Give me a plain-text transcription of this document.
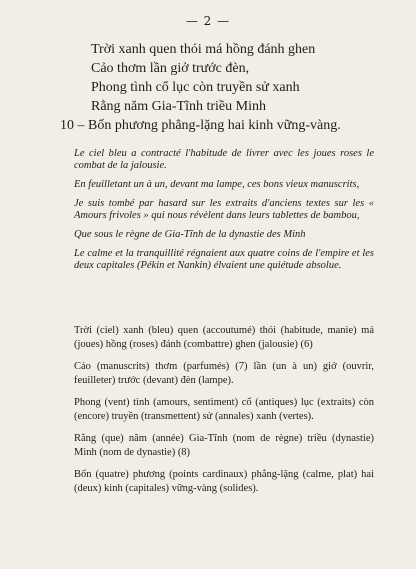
— 2 —
Trời xanh quen thói má hồng đánh ghen
Cảo thơm lần giở trước đèn,
Phong tình cổ lục còn truyền sử xanh
Rằng năm Gia-Tĩnh triều Minh
10 – Bốn phương phẳng-lặng hai kinh vững-vàng.

Le ciel bleu a contracté l'habitude de livrer avec les joues roses le combat de la jalousie.

En feuilletant un à un, devant ma lampe, ces bons vieux manuscrits,

Je suis tombé par hasard sur les extraits d'anciens textes sur les « Amours frivoles » qui nous révèlent dans leurs tablettes de bambou,

Que sous le règne de Gia-Tĩnh de la dynastie des Minh

Le calme et la tranquillité régnaient aux quatre coins de l'empire et les deux capitales (Pékin et Nankin) élvaient une quiétude absolue.

Trời (ciel) xanh (bleu) quen (accoutumé) thói (habitude, manie) má (joues) hồng (roses) đánh (combattre) ghen (jalousie) (6)

Cảo (manuscrits) thơm (parfumés) (7) lần (un à un) giở (ouvrir, feuilleter) trước (devant) đèn (lampe).

Phong (vent) tình (amours, sentiment) cổ (antiques) lục (extraits) còn (encore) truyền (transmettent) sử (annales) xanh (vertes).

Rằng (que) năm (année) Gia-Tĩnh (nom de règne) triều (dynastie) Minh (nom de dynastie) (8)

Bốn (quatre) phương (points cardinaux) phẳng-lặng (calme, plat) hai (deux) kinh (capitales) vững-vàng (solides).
